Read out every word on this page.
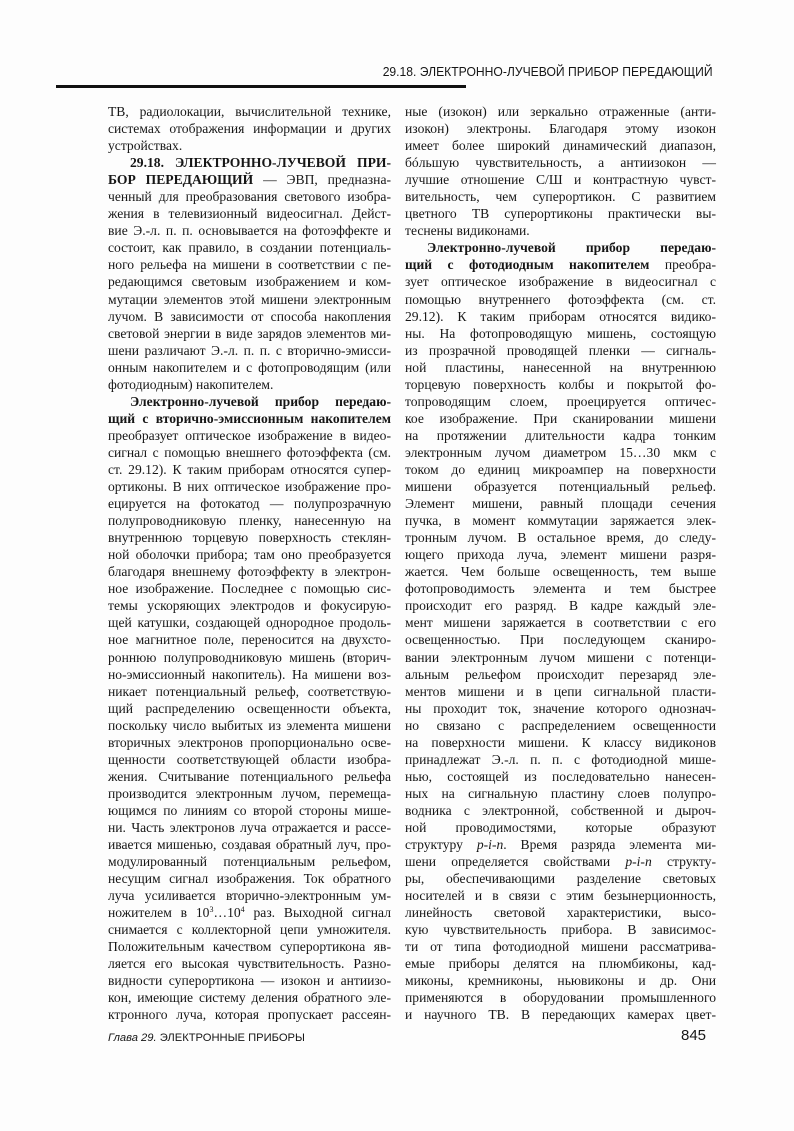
29.18. ЭЛЕКТРОННО-ЛУЧЕВОЙ ПРИБОР ПЕРЕДАЮЩИЙ
ТВ, радиолокации, вычислительной технике,
системах отображения информации и других
устройствах.
29.18. ЭЛЕКТРОННО-ЛУЧЕВОЙ ПРИ-
БОР ПЕРЕДАЮЩИЙ — ЭВП, предназна-
ченный для преобразования светового изобра-
жения в телевизионный видеосигнал. Дейст-
вие Э.-л. п. п. основывается на фотоэффекте и
состоит, как правило, в создании потенциаль-
ного рельефа на мишени в соответствии с пе-
редающимся световым изображением и ком-
мутации элементов этой мишени электронным
лучом. В зависимости от способа накопления
световой энергии в виде зарядов элементов ми-
шени различают Э.-л. п. п. с вторично-эмисси-
онным накопителем и с фотопроводящим (или
фотодиодным) накопителем.
Электронно-лучевой прибор передаю-
щий с вторично-эмиссионным накопителем
преобразует оптическое изображение в видео-
сигнал с помощью внешнего фотоэффекта (см.
ст. 29.12). К таким приборам относятся супер-
ортиконы. В них оптическое изображение про-
ецируется на фотокатод — полупрозрачную
полупроводниковую пленку, нанесенную на
внутреннюю торцевую поверхность стеклян-
ной оболочки прибора; там оно преобразуется
благодаря внешнему фотоэффекту в электрон-
ное изображение. Последнее с помощью сис-
темы ускоряющих электродов и фокусирую-
щей катушки, создающей однородное продоль-
ное магнитное поле, переносится на двухсто-
роннюю полупроводниковую мишень (вторич-
но-эмиссионный накопитель). На мишени воз-
никает потенциальный рельеф, соответствую-
щий распределению освещенности объекта,
поскольку число выбитых из элемента мишени
вторичных электронов пропорционально осве-
щенности соответствующей области изобра-
жения. Считывание потенциального рельефа
производится электронным лучом, перемеща-
ющимся по линиям со второй стороны мише-
ни. Часть электронов луча отражается и рассе-
ивается мишенью, создавая обратный луч, про-
модулированный потенциальным рельефом,
несущим сигнал изображения. Ток обратного
луча усиливается вторично-электронным ум-
ножителем в $10^3\dots 10^4$ раз. Выходной сигнал
снимается с коллекторной цепи умножителя.
Положительным качеством суперортикона яв-
ляется его высокая чувствительность. Разно-
видности суперортикона — изокон и антиизо-
кон, имеющие систему деления обратного эле-
ктронного луча, которая пропускает рассеян-
ные (изокон) или зеркально отраженные (анти-
изокон) электроны. Благодаря этому изокон
имеет более широкий динамический диапазон,
бóльшую чувствительность, а антиизокон —
лучшие отношение С/Ш и контрастную чувст-
вительность, чем суперортикон. С развитием
цветного ТВ суперортиконы практически вы-
теснены видиконами.
Электронно-лучевой прибор передаю-
щий с фотодиодным накопителем преобра-
зует оптическое изображение в видеосигнал с
помощью внутреннего фотоэффекта (см. ст.
29.12). К таким приборам относятся видико-
ны. На фотопроводящую мишень, состоящую
из прозрачной проводящей пленки — сигналь-
ной пластины, нанесенной на внутреннюю
торцевую поверхность колбы и покрытой фо-
топроводящим слоем, проецируется оптичес-
кое изображение. При сканировании мишени
на протяжении длительности кадра тонким
электронным лучом диаметром 15…30 мкм с
током до единиц микроампер на поверхности
мишени образуется потенциальный рельеф.
Элемент мишени, равный площади сечения
пучка, в момент коммутации заряжается элек-
тронным лучом. В остальное время, до следу-
ющего прихода луча, элемент мишени разря-
жается. Чем больше освещенность, тем выше
фотопроводимость элемента и тем быстрее
происходит его разряд. В кадре каждый эле-
мент мишени заряжается в соответствии с его
освещенностью. При последующем сканиро-
вании электронным лучом мишени с потенци-
альным рельефом происходит перезаряд эле-
ментов мишени и в цепи сигнальной пласти-
ны проходит ток, значение которого однознач-
но связано с распределением освещенности
на поверхности мишени. К классу видиконов
принадлежат Э.-л. п. п. с фотодиодной мише-
нью, состоящей из последовательно нанесен-
ных на сигнальную пластину слоев полупро-
водника с электронной, собственной и дыроч-
ной проводимостями, которые образуют
структуру p-i-n. Время разряда элемента ми-
шени определяется свойствами p-i-n структу-
ры, обеспечивающими разделение световых
носителей и в связи с этим безынерционность,
линейность световой характеристики, высо-
кую чувствительность прибора. В зависимос-
ти от типа фотодиодной мишени рассматрива-
емые приборы делятся на плюмбиконы, кад-
миконы, кремниконы, ньювиконы и др. Они
применяются в оборудовании промышленного
и научного ТВ. В передающих камерах цвет-
Глава 29. ЭЛЕКТРОННЫЕ ПРИБОРЫ	845
